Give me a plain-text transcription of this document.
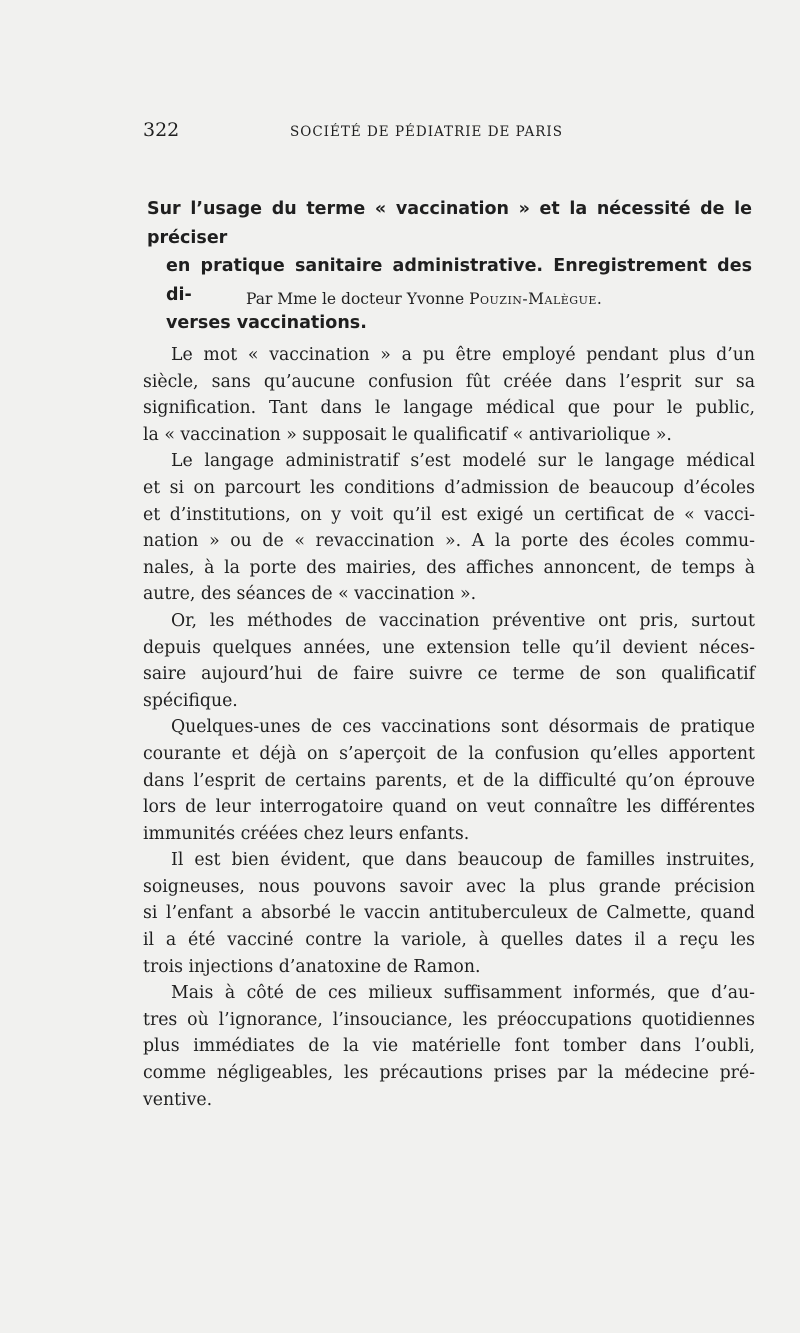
322	SOCIÉTÉ DE PÉDIATRIE DE PARIS
Sur l’usage du terme « vaccination » et la nécessité de le préciser
en pratique sanitaire administrative. Enregistrement des di-
verses vaccinations.
Par Mme le docteur Yvonne Pouzin-Malègue.

Le mot « vaccination » a pu être employé pendant plus d’un
siècle, sans qu’aucune confusion fût créée dans l’esprit sur sa
signification. Tant dans le langage médical que pour le public,
la « vaccination » supposait le qualificatif « antivariolique ».

Le langage administratif s’est modelé sur le langage médical
et si on parcourt les conditions d’admission de beaucoup d’écoles
et d’institutions, on y voit qu’il est exigé un certificat de « vacci-
nation » ou de « revaccination ». A la porte des écoles commu-
nales, à la porte des mairies, des affiches annoncent, de temps à
autre, des séances de « vaccination ».

Or, les méthodes de vaccination préventive ont pris, surtout
depuis quelques années, une extension telle qu’il devient néces-
saire aujourd’hui de faire suivre ce terme de son qualificatif
spécifique.

Quelques-unes de ces vaccinations sont désormais de pratique
courante et déjà on s’aperçoit de la confusion qu’elles apportent
dans l’esprit de certains parents, et de la difficulté qu’on éprouve
lors de leur interrogatoire quand on veut connaître les différentes
immunités créées chez leurs enfants.

Il est bien évident, que dans beaucoup de familles instruites,
soigneuses, nous pouvons savoir avec la plus grande précision
si l’enfant a absorbé le vaccin antituberculeux de Calmette, quand
il a été vacciné contre la variole, à quelles dates il a reçu les
trois injections d’anatoxine de Ramon.

Mais à côté de ces milieux suffisamment informés, que d’au-
tres où l’ignorance, l’insouciance, les préoccupations quotidiennes
plus immédiates de la vie matérielle font tomber dans l’oubli,
comme négligeables, les précautions prises par la médecine pré-
ventive.
